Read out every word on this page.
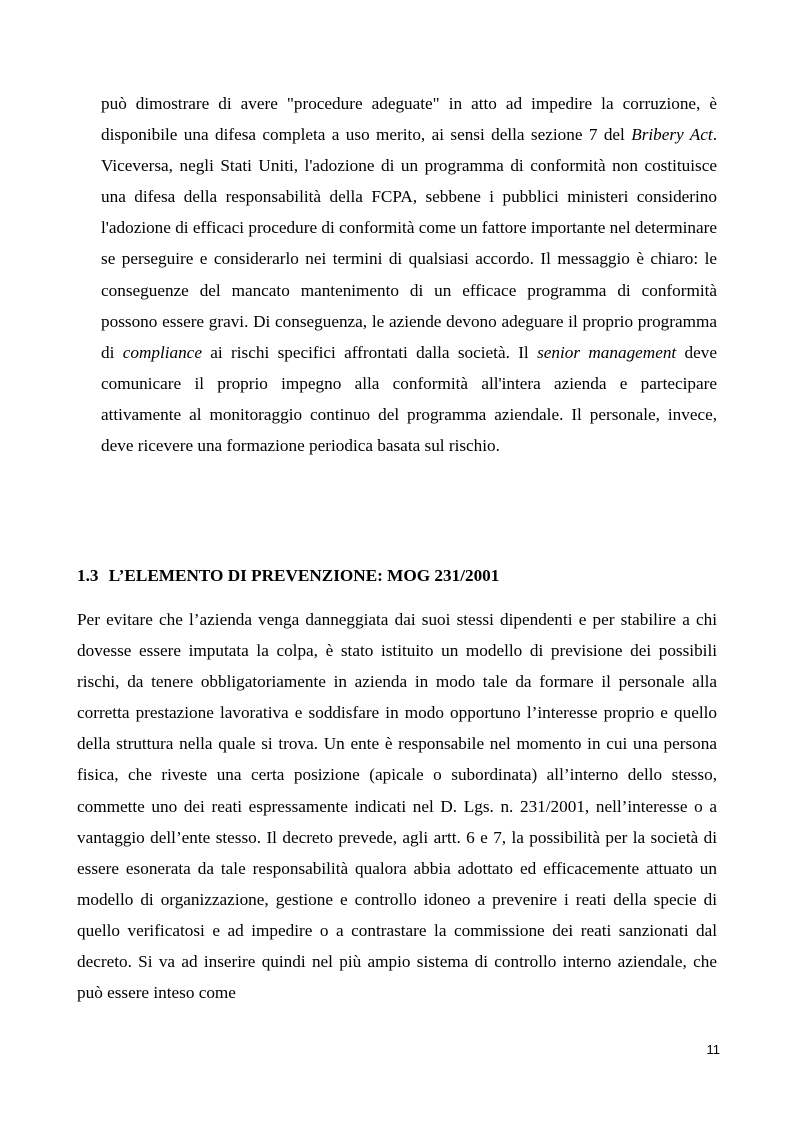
può dimostrare di avere "procedure adeguate" in atto ad impedire la corruzione, è disponibile una difesa completa a uso merito, ai sensi della sezione 7 del Bribery Act. Viceversa, negli Stati Uniti, l'adozione di un programma di conformità non costituisce una difesa della responsabilità della FCPA, sebbene i pubblici ministeri considerino l'adozione di efficaci procedure di conformità come un fattore importante nel determinare se perseguire e considerarlo nei termini di qualsiasi accordo. Il messaggio è chiaro: le conseguenze del mancato mantenimento di un efficace programma di conformità possono essere gravi. Di conseguenza, le aziende devono adeguare il proprio programma di compliance ai rischi specifici affrontati dalla società. Il senior management deve comunicare il proprio impegno alla conformità all'intera azienda e partecipare attivamente al monitoraggio continuo del programma aziendale. Il personale, invece, deve ricevere una formazione periodica basata sul rischio.

1.3 L’ELEMENTO DI PREVENZIONE: MOG 231/2001

Per evitare che l’azienda venga danneggiata dai suoi stessi dipendenti e per stabilire a chi dovesse essere imputata la colpa, è stato istituito un modello di previsione dei possibili rischi, da tenere obbligatoriamente in azienda in modo tale da formare il personale alla corretta prestazione lavorativa e soddisfare in modo opportuno l’interesse proprio e quello della struttura nella quale si trova. Un ente è responsabile nel momento in cui una persona fisica, che riveste una certa posizione (apicale o subordinata) all’interno dello stesso, commette uno dei reati espressamente indicati nel D. Lgs. n. 231/2001, nell’interesse o a vantaggio dell’ente stesso. Il decreto prevede, agli artt. 6 e 7, la possibilità per la società di essere esonerata da tale responsabilità qualora abbia adottato ed efficacemente attuato un modello di organizzazione, gestione e controllo idoneo a prevenire i reati della specie di quello verificatosi e ad impedire o a contrastare la commissione dei reati sanzionati dal decreto. Si va ad inserire quindi nel più ampio sistema di controllo interno aziendale, che può essere inteso come

11
